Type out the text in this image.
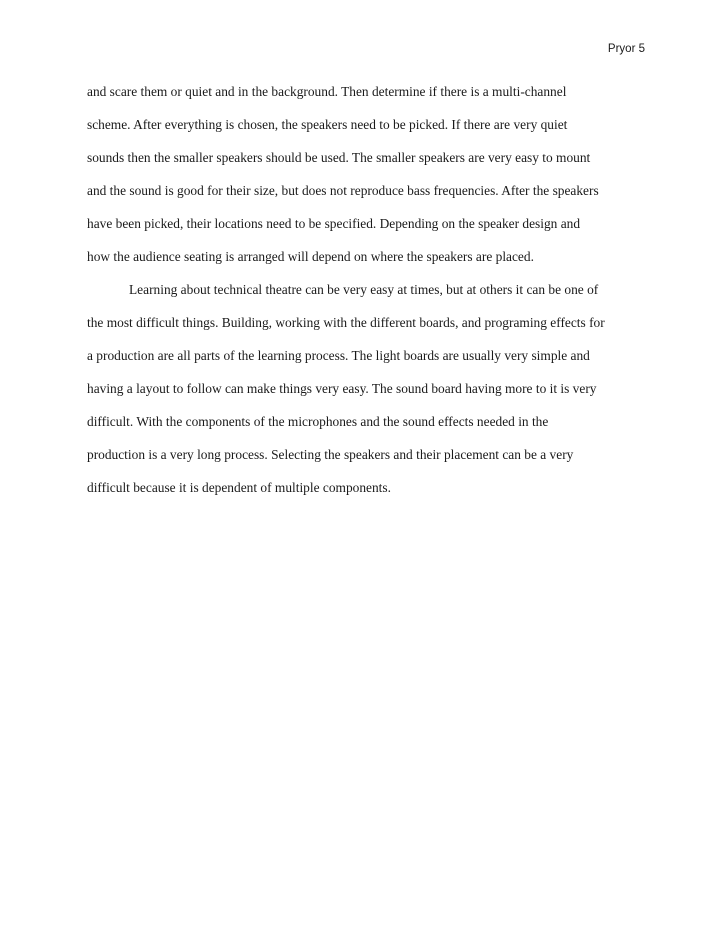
Pryor 5
and scare them or quiet and in the background. Then determine if there is a multi-channel
scheme. After everything is chosen, the speakers need to be picked. If there are very quiet
sounds then the smaller speakers should be used. The smaller speakers are very easy to mount
and the sound is good for their size, but does not reproduce bass frequencies. After the speakers
have been picked, their locations need to be specified. Depending on the speaker design and
how the audience seating is arranged will depend on where the speakers are placed.
Learning about technical theatre can be very easy at times, but at others it can be one of
the most difficult things. Building, working with the different boards, and programing effects for
a production are all parts of the learning process. The light boards are usually very simple and
having a layout to follow can make things very easy. The sound board having more to it is very
difficult. With the components of the microphones and the sound effects needed in the
production is a very long process. Selecting the speakers and their placement can be a very
difficult because it is dependent of multiple components.
